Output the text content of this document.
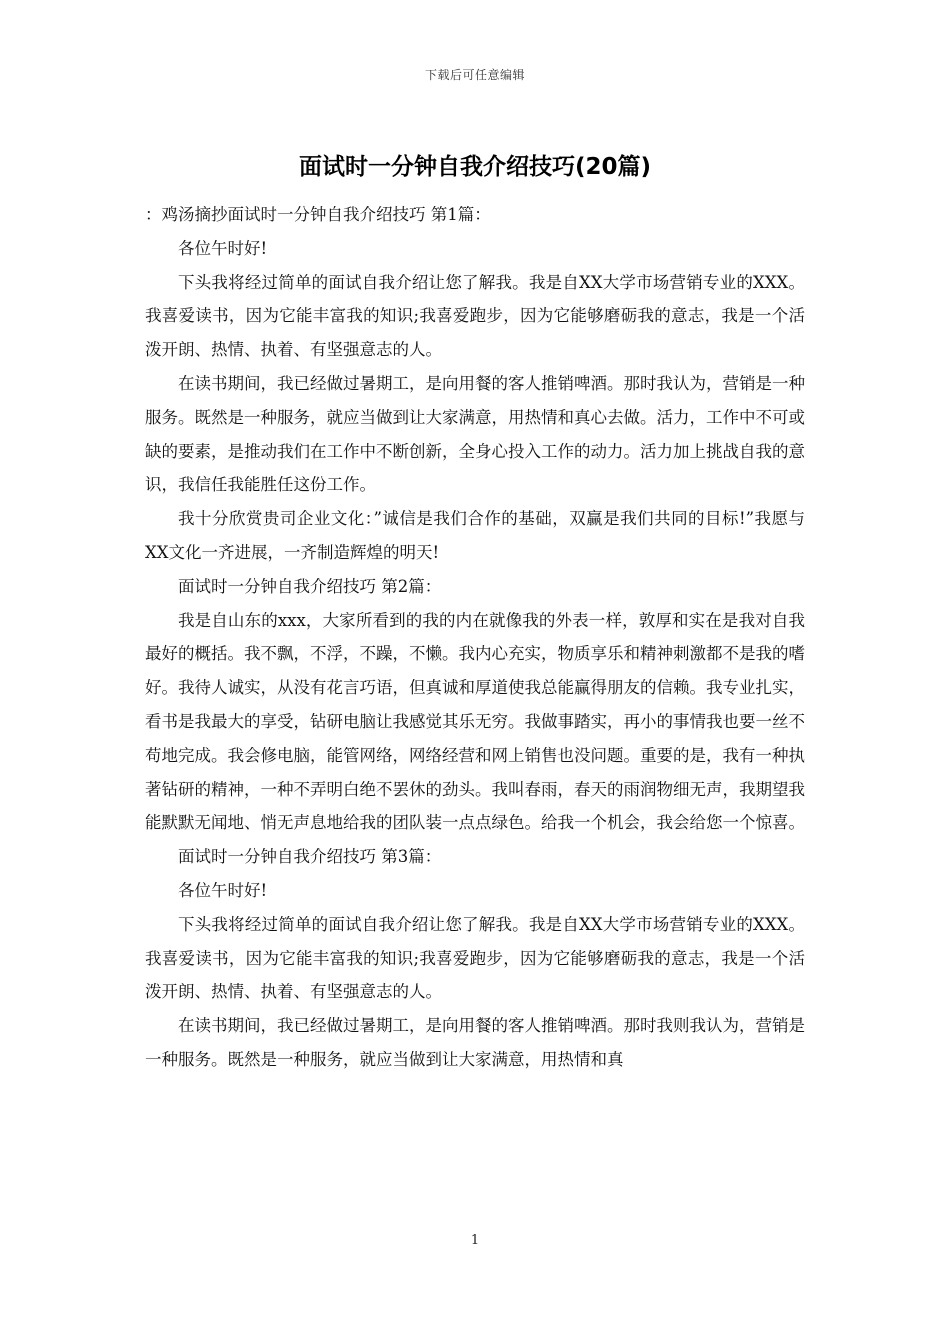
下载后可任意编辑
面试时一分钟自我介绍技巧(20篇)

：鸡汤摘抄面试时一分钟自我介绍技巧 第1篇：

各位午时好!

下头我将经过简单的面试自我介绍让您了解我。我是自XX大学市场营销专业的XXX。我喜爱读书，因为它能丰富我的知识;我喜爱跑步，因为它能够磨砺我的意志，我是一个活泼开朗、热情、执着、有坚强意志的人。

在读书期间，我已经做过暑期工，是向用餐的客人推销啤酒。那时我认为，营销是一种服务。既然是一种服务，就应当做到让大家满意，用热情和真心去做。活力，工作中不可或缺的要素，是推动我们在工作中不断创新，全身心投入工作的动力。活力加上挑战自我的意识，我信任我能胜任这份工作。

我十分欣赏贵司企业文化：”诚信是我们合作的基础，双赢是我们共同的目标!”我愿与XX文化一齐进展，一齐制造辉煌的明天!

面试时一分钟自我介绍技巧 第2篇：

我是自山东的xxx，大家所看到的我的内在就像我的外表一样，敦厚和实在是我对自我最好的概括。我不飘，不浮，不躁，不懒。我内心充实，物质享乐和精神刺激都不是我的嗜好。我待人诚实，从没有花言巧语，但真诚和厚道使我总能赢得朋友的信赖。我专业扎实，看书是我最大的享受，钻研电脑让我感觉其乐无穷。我做事踏实，再小的事情我也要一丝不苟地完成。我会修电脑，能管网络，网络经营和网上销售也没问题。重要的是，我有一种执著钻研的精神，一种不弄明白绝不罢休的劲头。我叫春雨，春天的雨润物细无声，我期望我能默默无闻地、悄无声息地给我的团队装一点点绿色。给我一个机会，我会给您一个惊喜。

面试时一分钟自我介绍技巧 第3篇：

各位午时好!

下头我将经过简单的面试自我介绍让您了解我。我是自XX大学市场营销专业的XXX。我喜爱读书，因为它能丰富我的知识;我喜爱跑步，因为它能够磨砺我的意志，我是一个活泼开朗、热情、执着、有坚强意志的人。

在读书期间，我已经做过暑期工，是向用餐的客人推销啤酒。那时我则我认为，营销是一种服务。既然是一种服务，就应当做到让大家满意，用热情和真

1
